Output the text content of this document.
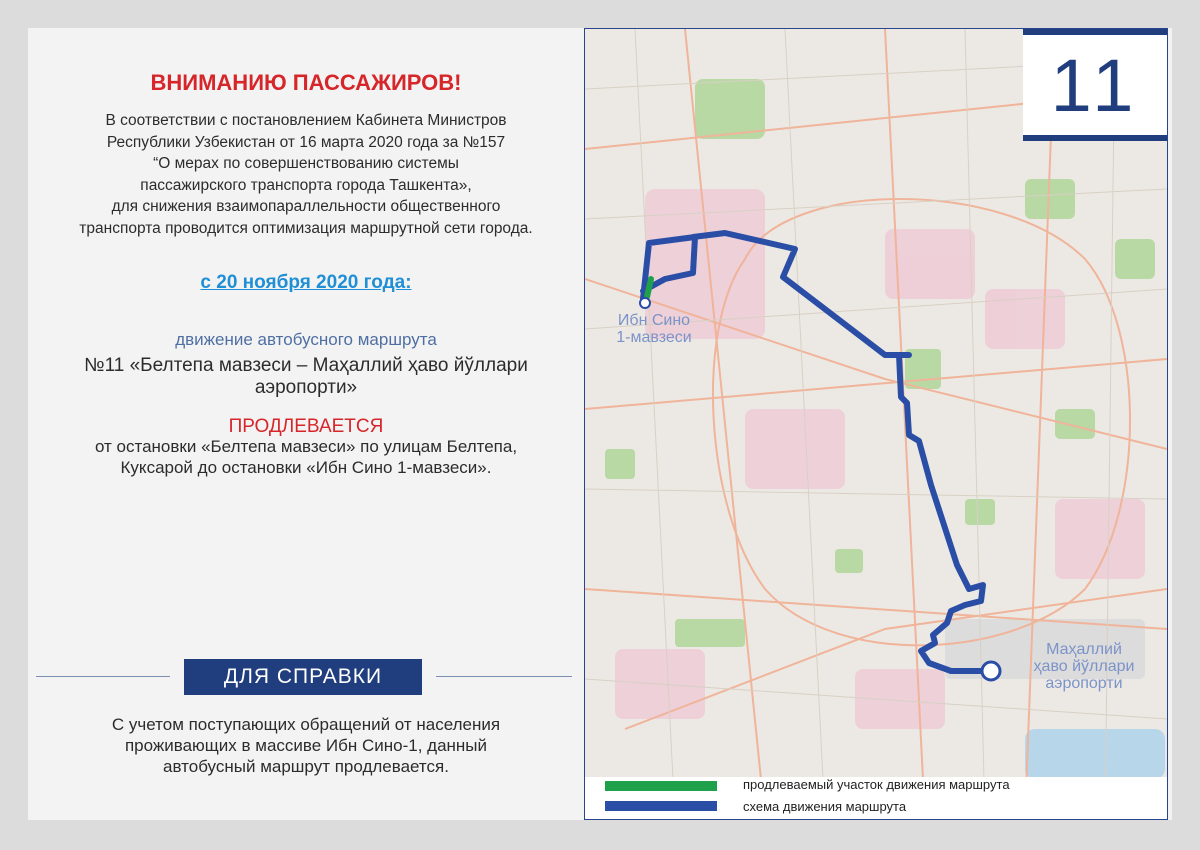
ВНИМАНИЮ ПАССАЖИРОВ!
В соответствии с постановлением Кабинета Министров
Республики Узбекистан от 16 марта 2020 года за №157
“О мерах по совершенствованию системы
пассажирского транспорта города Ташкента»,
для снижения взаимопараллельности общественного
транспорта проводится оптимизация маршрутной сети города.
с 20 ноября 2020 года:
движение автобусного маршрута
№11 «Белтепа мавзеси – Маҳаллий ҳаво йўллари аэропорти»
ПРОДЛЕВАЕТСЯ
от остановки «Белтепа мавзеси» по улицам Белтепа,
Куксарой до остановки «Ибн Сино 1-мавзеси».
ДЛЯ СПРАВКИ
С учетом поступающих обращений от населения
проживающих в массиве Ибн Сино-1, данный
автобусный маршрут продлевается.
Ибн Сино
1-мавзеси
Маҳаллий
ҳаво йўллари
аэропорти
11
продлеваемый участок движения маршрута
схема движения маршрута
